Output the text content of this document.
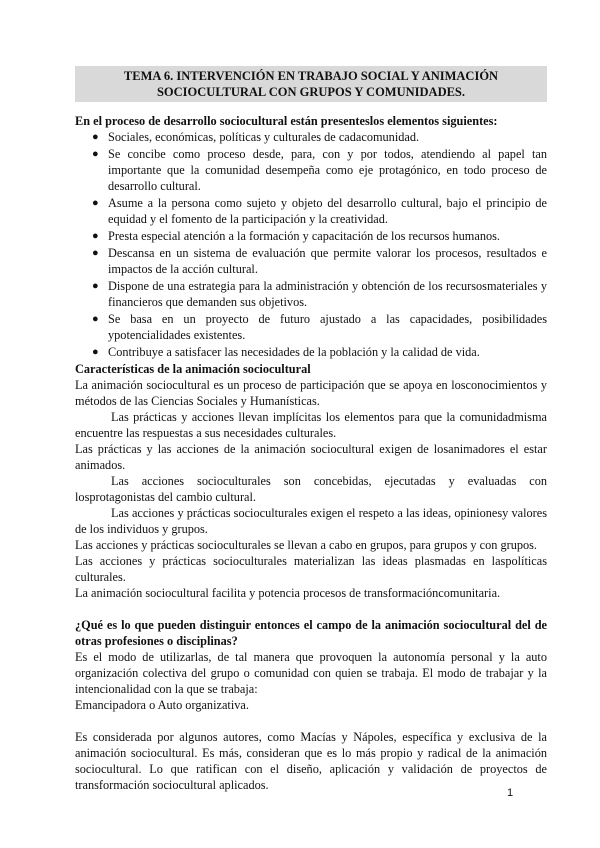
TEMA 6. INTERVENCIÓN EN TRABAJO SOCIAL Y ANIMACIÓN
SOCIOCULTURAL CON GRUPOS Y COMUNIDADES.

En el proceso de desarrollo sociocultural están presenteslos elementos siguientes:

● Sociales, económicas, políticas y culturales de cadacomunidad.
● Se concibe como proceso desde, para, con y por todos, atendiendo al papel tan importante que la comunidad desempeña como eje protagónico, en todo proceso de desarrollo cultural.
● Asume a la persona como sujeto y objeto del desarrollo cultural, bajo el principio de equidad y el fomento de la participación y la creatividad.
● Presta especial atención a la formación y capacitación de los recursos humanos.
● Descansa en un sistema de evaluación que permite valorar los procesos, resultados e impactos de la acción cultural.
● Dispone de una estrategia para la administración y obtención de los recursosmateriales y financieros que demanden sus objetivos.
● Se basa en un proyecto de futuro ajustado a las capacidades, posibilidades ypotencialidades existentes.
● Contribuye a satisfacer las necesidades de la población y la calidad de vida.

Características de la animación sociocultural

La animación sociocultural es un proceso de participación que se apoya en losconocimientos y métodos de las Ciencias Sociales y Humanísticas.

Las prácticas y acciones llevan implícitas los elementos para que la comunidadmisma encuentre las respuestas a sus necesidades culturales.

Las prácticas y las acciones de la animación sociocultural exigen de losanimadores el estar animados.

Las acciones socioculturales son concebidas, ejecutadas y evaluadas con losprotagonistas del cambio cultural.

Las acciones y prácticas socioculturales exigen el respeto a las ideas, opinionesy valores de los individuos y grupos.

Las acciones y prácticas socioculturales se llevan a cabo en grupos, para grupos y con grupos.

Las acciones y prácticas socioculturales materializan las ideas plasmadas en laspolíticas culturales.

La animación sociocultural facilita y potencia procesos de transformacióncomunitaria.

¿Qué es lo que pueden distinguir entonces el campo de la animación sociocultural del de otras profesiones o disciplinas?

Es el modo de utilizarlas, de tal manera que provoquen la autonomía personal y la auto organización colectiva del grupo o comunidad con quien se trabaja. El modo de trabajar y la intencionalidad con la que se trabaja:

Emancipadora o Auto organizativa.

Es considerada por algunos autores, como Macías y Nápoles, específica y exclusiva de la animación sociocultural. Es más, consideran que es lo más propio y radical de la animación sociocultural. Lo que ratifican con el diseño, aplicación y validación de proyectos de transformación sociocultural aplicados.

1
